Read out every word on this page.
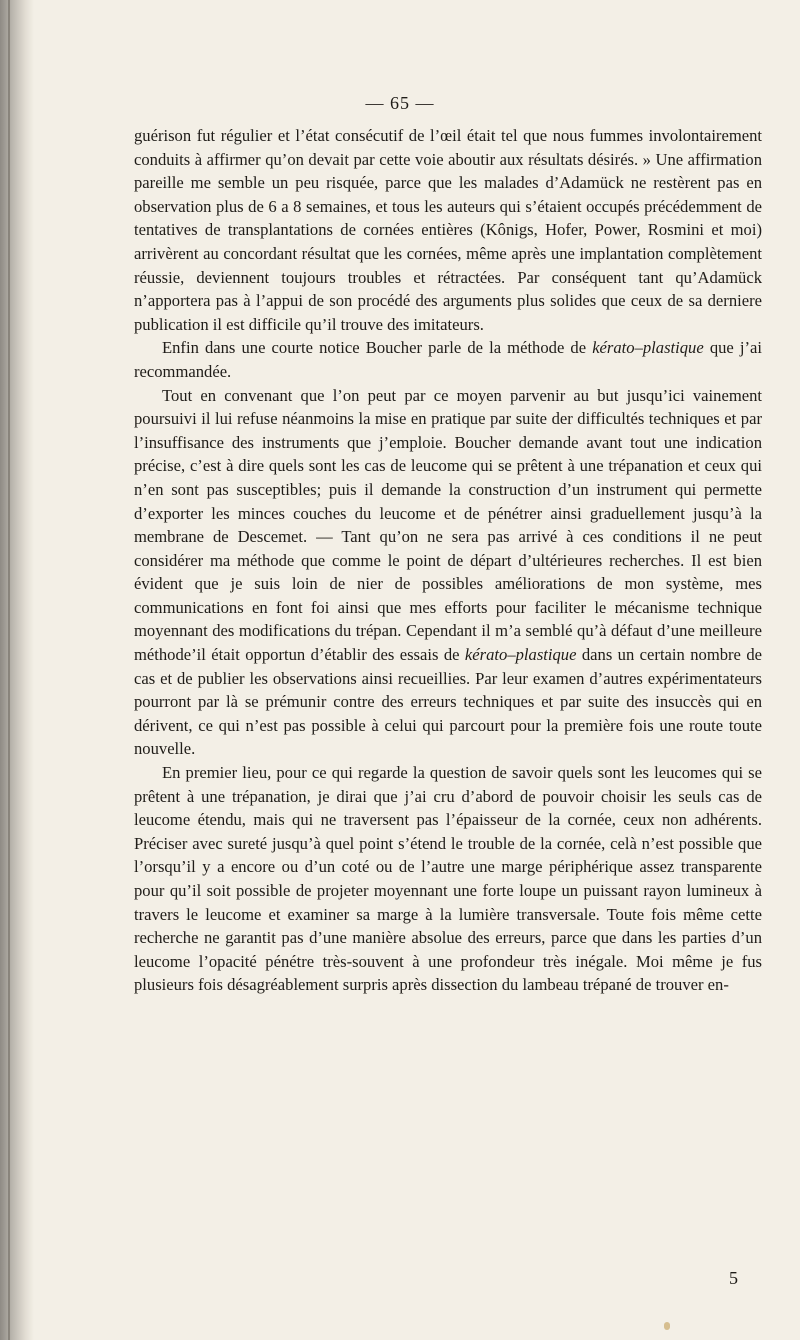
— 65 —

guérison fut régulier et l’état consécutif de l’œil était tel que nous fummes involontairement conduits à affirmer qu’on devait par cette voie aboutir aux résultats désirés. » Une affirmation pareille me semble un peu risquée, parce que les malades d’Adamück ne restèrent pas en observation plus de 6 a 8 semaines, et tous les auteurs qui s’étaient occupés précédemment de tentatives de transplantations de cornées entières (Kônigs, Hofer, Power, Rosmini et moi) arrivèrent au concordant résultat que les cornées, même après une implantation complètement réussie, deviennent toujours troubles et rétractées. Par conséquent tant qu’Adamück n’apportera pas à l’appui de son procédé des arguments plus solides que ceux de sa derniere publication il est difficile qu’il trouve des imitateurs.

Enfin dans une courte notice Boucher parle de la méthode de kérato–plastique que j’ai recommandée.

Tout en convenant que l’on peut par ce moyen parvenir au but jusqu’ici vainement poursuivi il lui refuse néanmoins la mise en pratique par suite der difficultés techniques et par l’insuffisance des instruments que j’emploie. Boucher demande avant tout une indication précise, c’est à dire quels sont les cas de leucome qui se prêtent à une trépanation et ceux qui n’en sont pas susceptibles; puis il demande la construction d’un instrument qui permette d’exporter les minces couches du leucome et de pénétrer ainsi graduellement jusqu’à la membrane de Descemet. — Tant qu’on ne sera pas arrivé à ces conditions il ne peut considérer ma méthode que comme le point de départ d’ultérieures recherches. Il est bien évident que je suis loin de nier de possibles améliorations de mon système, mes communications en font foi ainsi que mes efforts pour faciliter le mécanisme technique moyennant des modifications du trépan. Cependant il m’a semblé qu’à défaut d’une meilleure méthode’il était opportun d’établir des essais de kérato–plastique dans un certain nombre de cas et de publier les observations ainsi recueillies. Par leur examen d’autres expérimentateurs pourront par là se prémunir contre des erreurs techniques et par suite des insuccès qui en dérivent, ce qui n’est pas possible à celui qui parcourt pour la première fois une route toute nouvelle.

En premier lieu, pour ce qui regarde la question de savoir quels sont les leucomes qui se prêtent à une trépanation, je dirai que j’ai cru d’abord de pouvoir choisir les seuls cas de leucome étendu, mais qui ne traversent pas l’épaisseur de la cornée, ceux non adhérents. Préciser avec sureté jusqu’à quel point s’étend le trouble de la cornée, celà n’est possible que l’orsqu’il y a encore ou d’un coté ou de l’autre une marge périphérique assez transparente pour qu’il soit possible de projeter moyennant une forte loupe un puissant rayon lumineux à travers le leucome et examiner sa marge à la lumière transversale. Toute fois même cette recherche ne garantit pas d’une manière absolue des erreurs, parce que dans les parties d’un leucome l’opacité pénétre très-souvent à une profondeur très inégale. Moi même je fus plusieurs fois désagréablement surpris après dissection du lambeau trépané de trouver en-

5
